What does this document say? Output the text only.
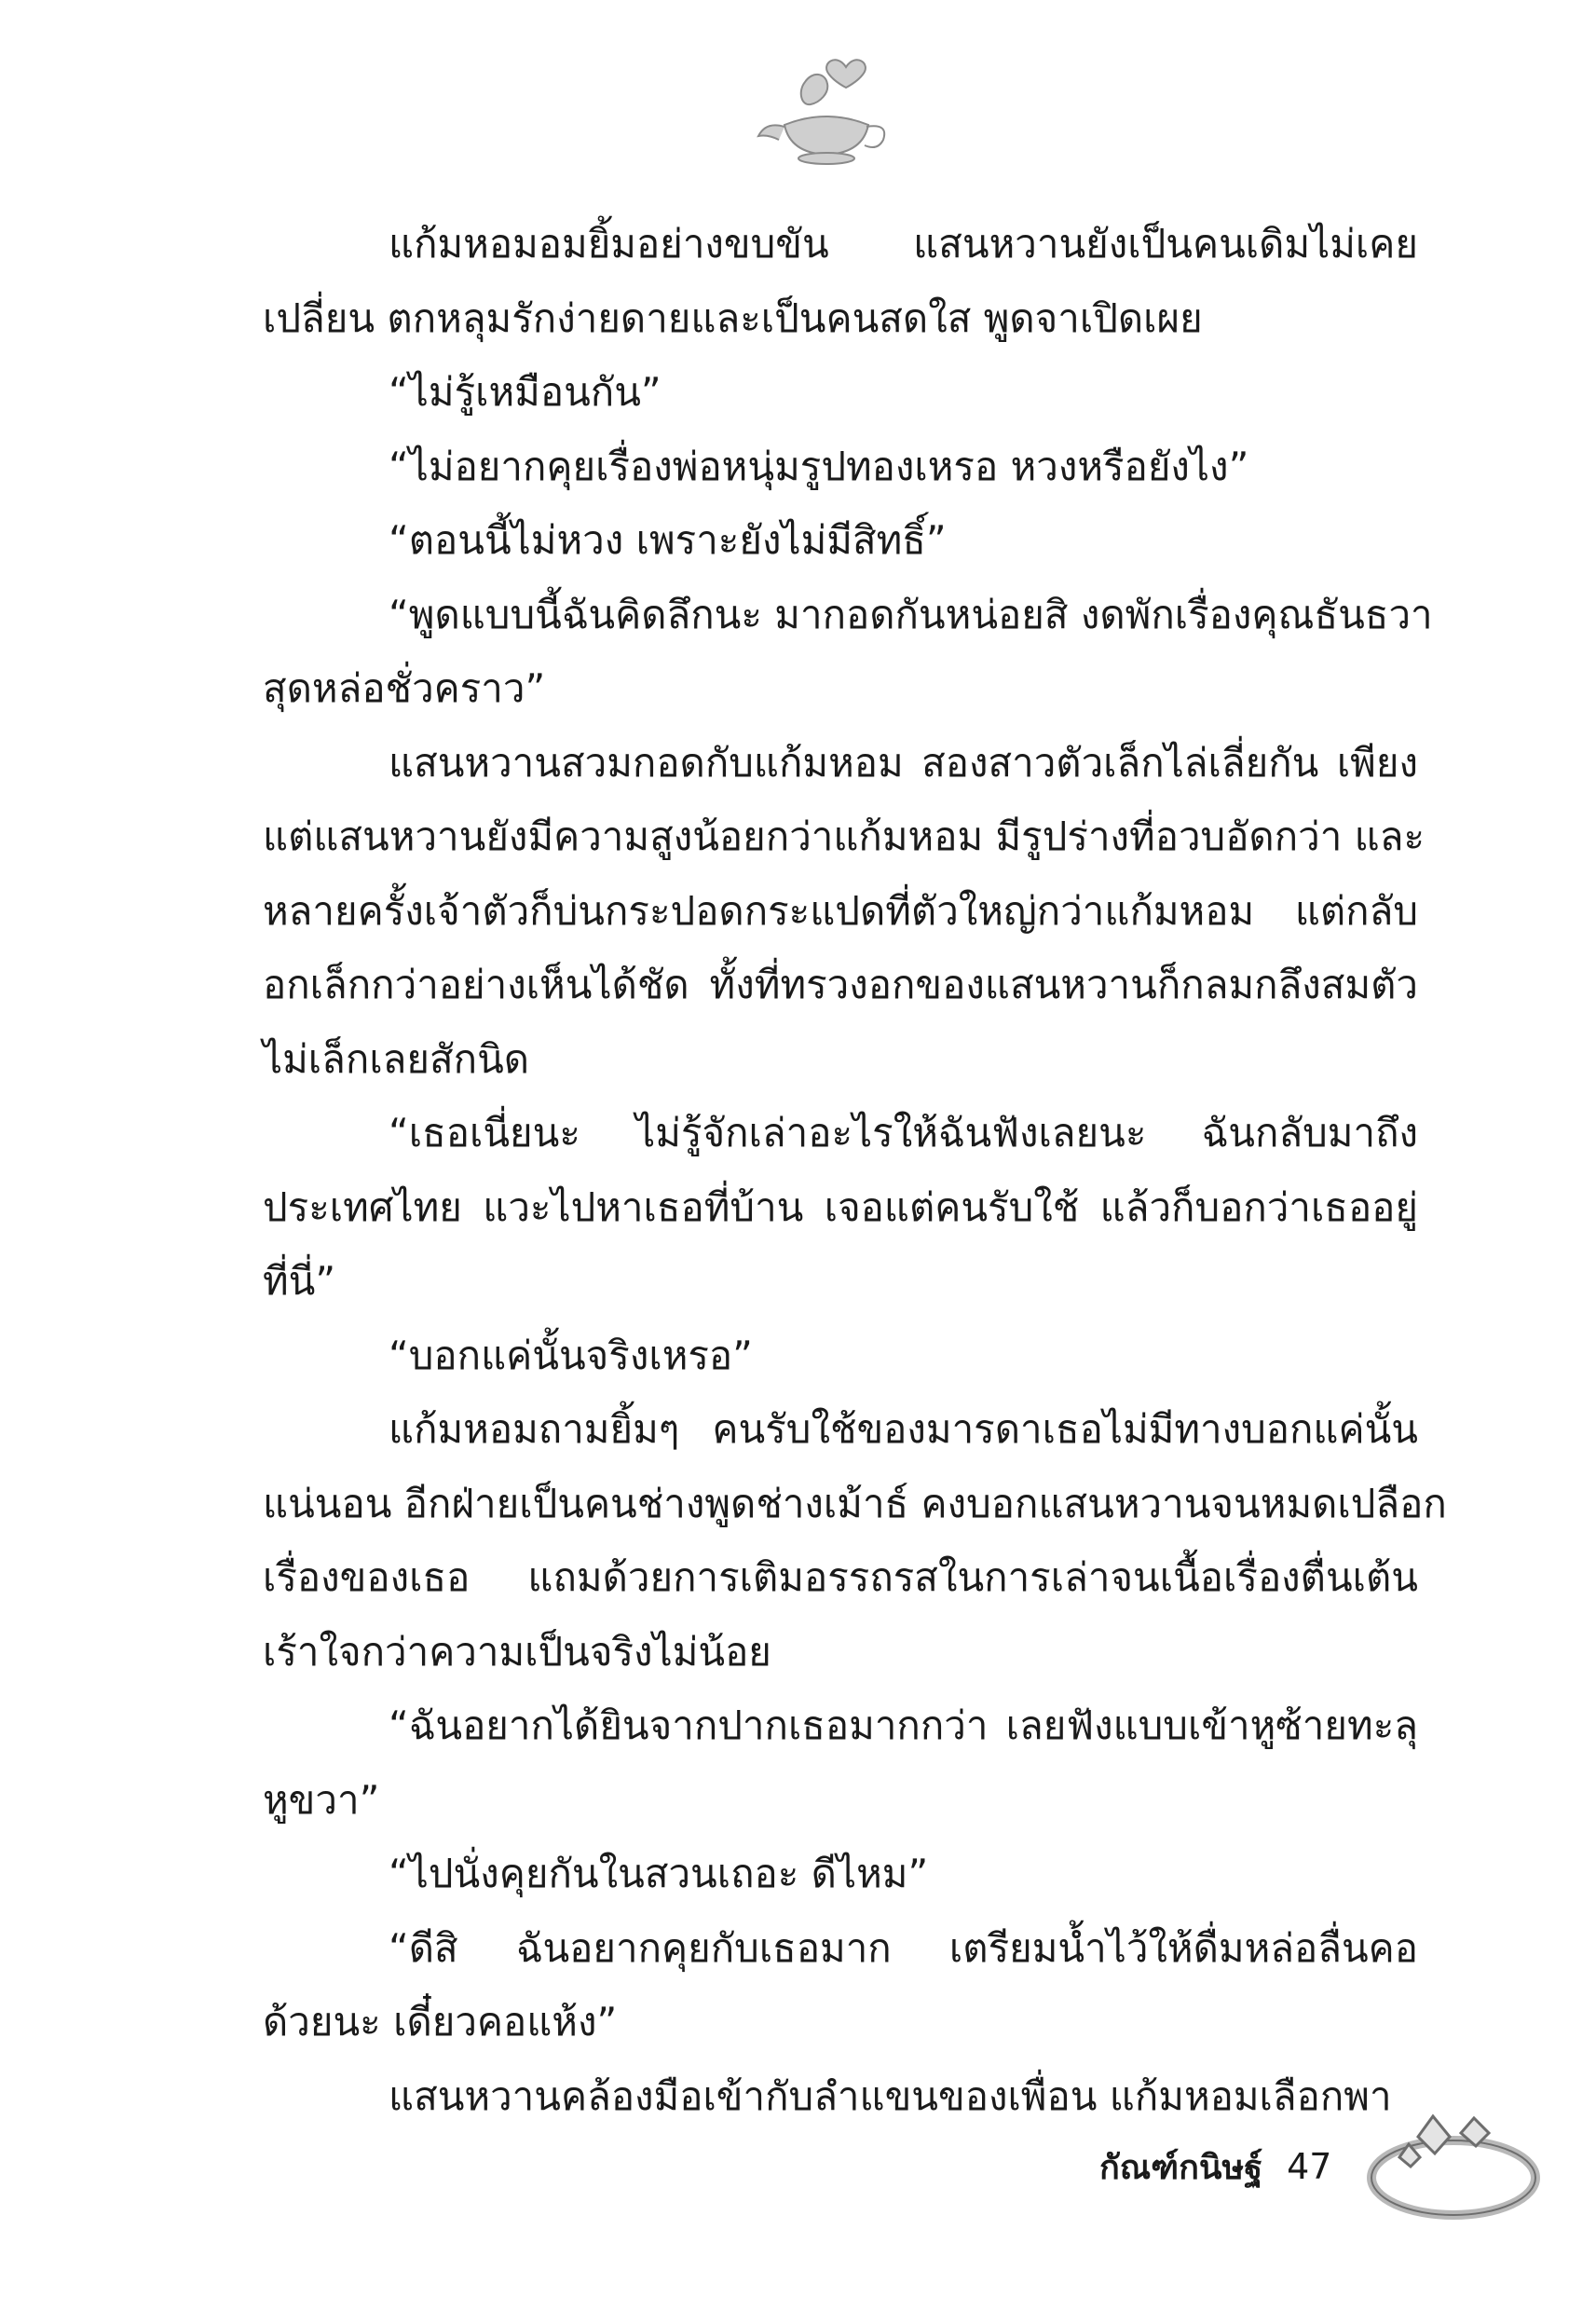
แก้มหอมอมยิ้มอย่างขบขัน แสนหวานยังเป็นคนเดิมไม่เคย
เปลี่ยน ตกหลุมรักง่ายดายและเป็นคนสดใส พูดจาเปิดเผย
“ไม่รู้เหมือนกัน”
“ไม่อยากคุยเรื่องพ่อหนุ่มรูปทองเหรอ หวงหรือยังไง”
“ตอนนี้ไม่หวง เพราะยังไม่มีสิทธิ์”
“พูดแบบนี้ฉันคิดลึกนะ มากอดกันหน่อยสิ งดพักเรื่องคุณธันธวา
สุดหล่อชั่วคราว”
แสนหวานสวมกอดกับแก้มหอม สองสาวตัวเล็กไล่เลี่ยกัน เพียง
แต่แสนหวานยังมีความสูงน้อยกว่าแก้มหอม มีรูปร่างที่อวบอัดกว่า และ
หลายครั้งเจ้าตัวก็บ่นกระปอดกระแปดที่ตัวใหญ่กว่าแก้มหอม แต่กลับ
อกเล็กกว่าอย่างเห็นได้ชัด ทั้งที่ทรวงอกของแสนหวานก็กลมกลึงสมตัว
ไม่เล็กเลยสักนิด
“เธอเนี่ยนะ ไม่รู้จักเล่าอะไรให้ฉันฟังเลยนะ ฉันกลับมาถึง
ประเทศไทย แวะไปหาเธอที่บ้าน เจอแต่คนรับใช้ แล้วก็บอกว่าเธออยู่
ที่นี่”
“บอกแค่นั้นจริงเหรอ”
แก้มหอมถามยิ้มๆ คนรับใช้ของมารดาเธอไม่มีทางบอกแค่นั้น
แน่นอน อีกฝ่ายเป็นคนช่างพูดช่างเม้าธ์ คงบอกแสนหวานจนหมดเปลือก
เรื่องของเธอ แถมด้วยการเติมอรรถรสในการเล่าจนเนื้อเรื่องตื่นเต้น
เร้าใจกว่าความเป็นจริงไม่น้อย
“ฉันอยากได้ยินจากปากเธอมากกว่า เลยฟังแบบเข้าหูซ้ายทะลุ
หูขวา”
“ไปนั่งคุยกันในสวนเถอะ ดีไหม”
“ดีสิ ฉันอยากคุยกับเธอมาก เตรียมน้ำไว้ให้ดื่มหล่อลื่นคอ
ด้วยนะ เดี๋ยวคอแห้ง”
แสนหวานคล้องมือเข้ากับลำแขนของเพื่อน แก้มหอมเลือกพา
กัณฑ์กนิษฐ์ 47
